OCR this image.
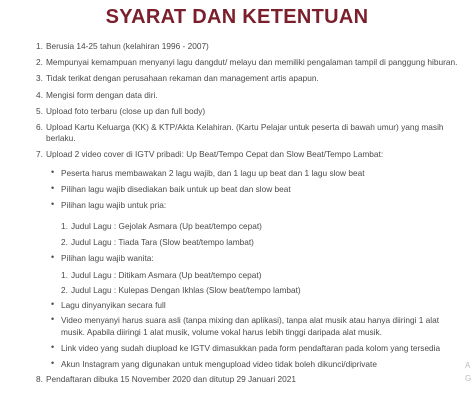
SYARAT DAN KETENTUAN
1. Berusia 14-25 tahun (kelahiran 1996 - 2007)
2. Mempunyai kemampuan menyanyi lagu dangdut/ melayu dan memiliki pengalaman tampil di panggung hiburan.
3. Tidak terikat dengan perusahaan rekaman dan management artis apapun.
4. Mengisi form dengan data diri.
5. Upload foto terbaru (close up dan full body)
6. Upload Kartu Keluarga (KK) & KTP/Akta Kelahiran. (Kartu Pelajar untuk peserta di bawah umur) yang masih
berlaku.
7. Upload 2 video cover di IGTV pribadi: Up Beat/Tempo Cepat dan Slow Beat/Tempo Lambat:
• Peserta harus membawakan 2 lagu wajib, dan 1 lagu up beat dan 1 lagu slow beat
• Pilihan lagu wajib disediakan baik untuk up beat dan slow beat
• Pilihan lagu wajib untuk pria:
1. Judul Lagu : Gejolak Asmara (Up beat/tempo cepat)
2. Judul Lagu : Tiada Tara (Slow beat/tempo lambat)
• Pilihan lagu wajib wanita:
1. Judul Lagu : Ditikam Asmara (Up beat/tempo cepat)
2. Judul Lagu : Kulepas Dengan Ikhlas (Slow beat/tempo lambat)
• Lagu dinyanyikan secara full
• Video menyanyi harus suara asli (tanpa mixing dan aplikasi), tanpa alat musik atau hanya diiringi 1 alat
musik. Apabila diiringi 1 alat musik, volume vokal harus lebih tinggi daripada alat musik.
• Link video yang sudah diupload ke IGTV dimasukkan pada form pendaftaran pada kolom yang tersedia
• Akun Instagram yang digunakan untuk mengupload video tidak boleh dikunci/diprivate
8. Pendaftaran dibuka 15 November 2020 dan ditutup 29 Januari 2021
A
G
